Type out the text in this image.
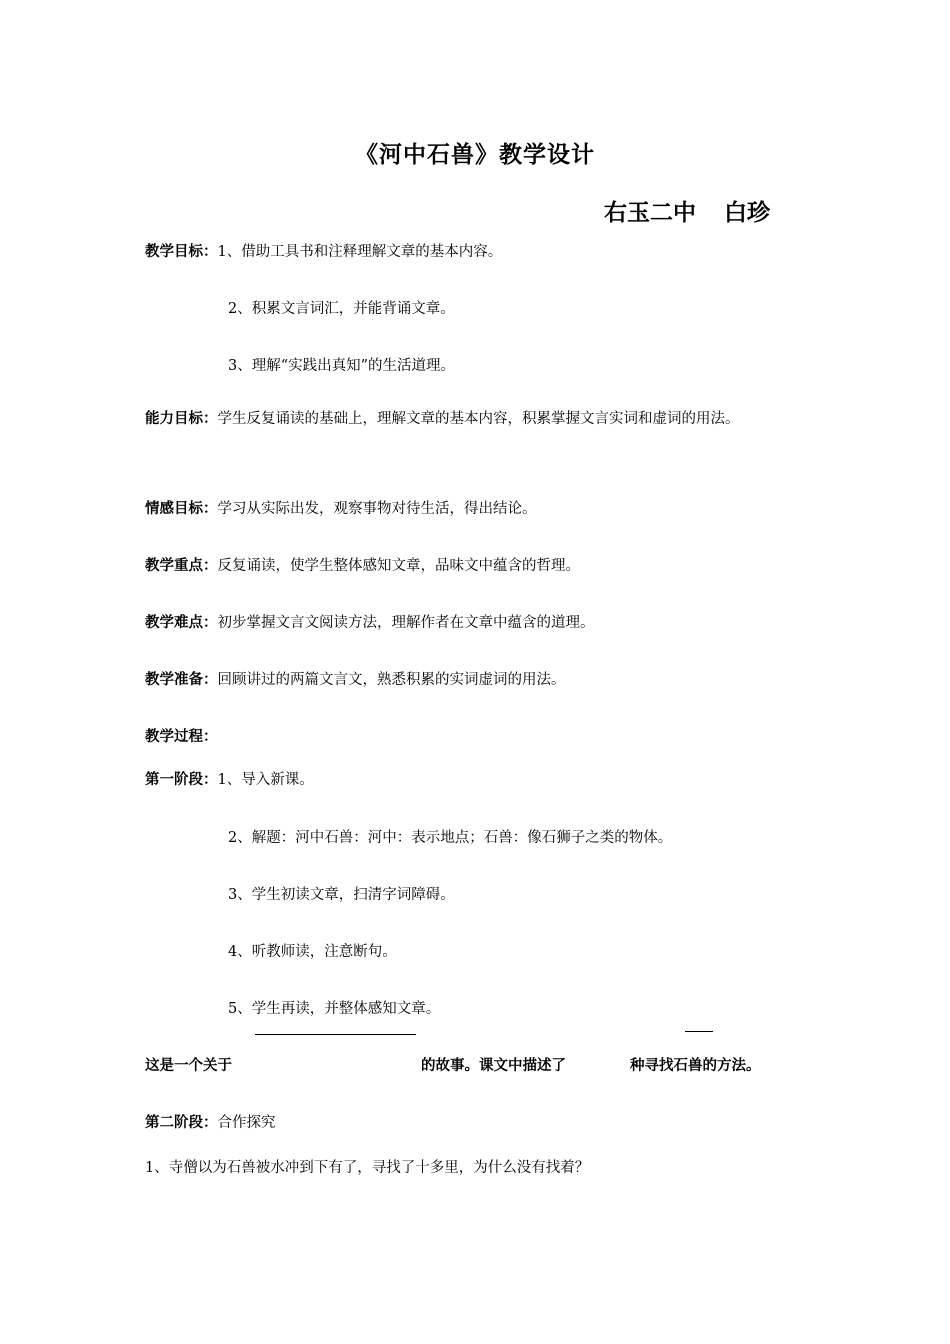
《河中石兽》教学设计
右玉二中 白珍
教学目标：1、借助工具书和注释理解文章的基本内容。
2、积累文言词汇，并能背诵文章。
3、理解“实践出真知”的生活道理。
能力目标：学生反复诵读的基础上，理解文章的基本内容，积累掌握文言实词和虚词的用法。
情感目标：学习从实际出发，观察事物对待生活，得出结论。
教学重点：反复诵读，使学生整体感知文章，品味文中蕴含的哲理。
教学难点：初步掌握文言文阅读方法，理解作者在文章中蕴含的道理。
教学准备：回顾讲过的两篇文言文，熟悉积累的实词虚词的用法。
教学过程：
第一阶段：1、导入新课。
2、解题：河中石兽：河中：表示地点；石兽：像石狮子之类的物体。
3、学生初读文章，扫清字词障碍。
4、听教师读，注意断句。
5、学生再读，并整体感知文章。
这是一个关于	的故事。课文中描述了	种寻找石兽的方法。
第二阶段：合作探究
1、寺僧以为石兽被水冲到下有了，寻找了十多里，为什么没有找着？
